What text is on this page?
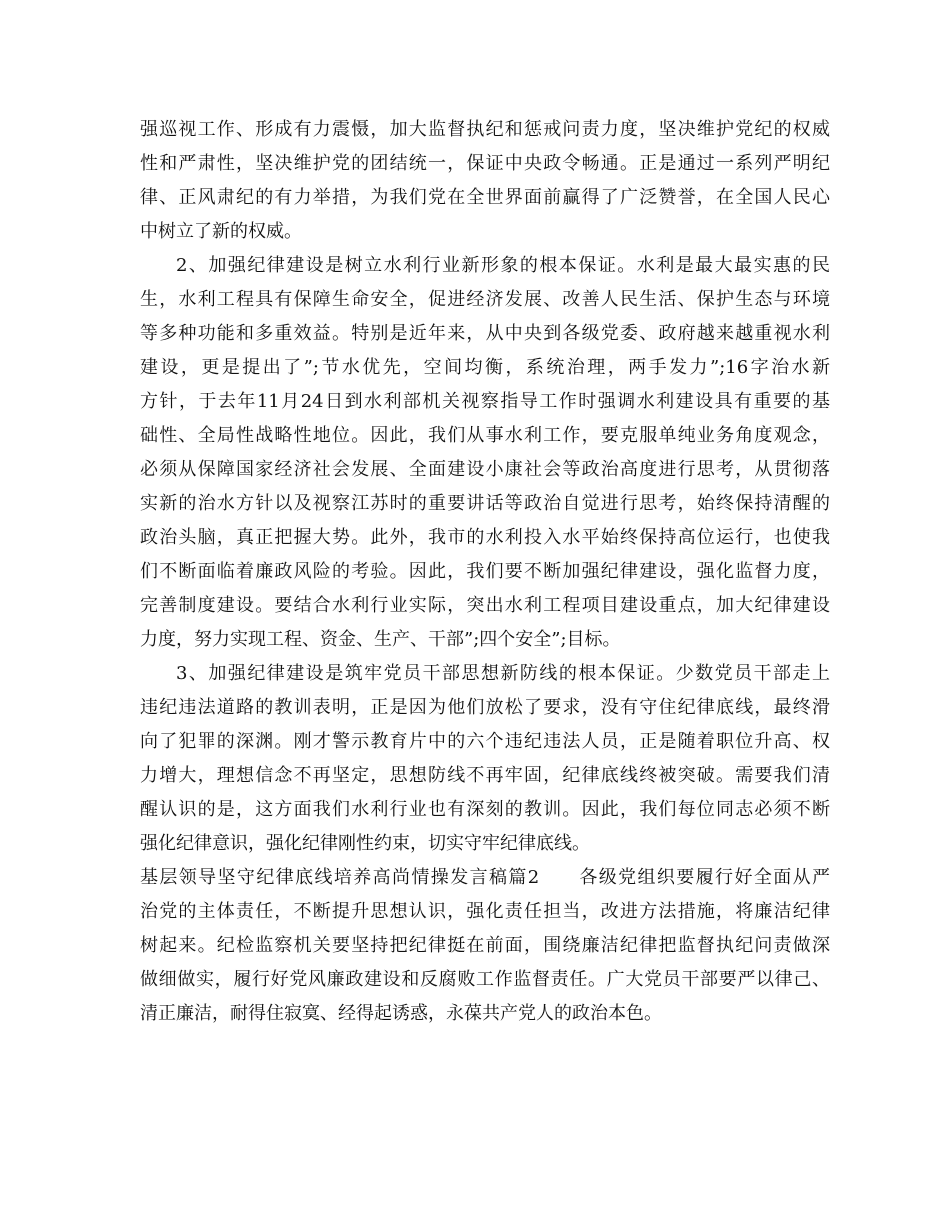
强巡视工作、形成有力震慑，加大监督执纪和惩戒问责力度，坚决维护党纪的权威
性和严肃性，坚决维护党的团结统一，保证中央政令畅通。正是通过一系列严明纪
律、正风肃纪的有力举措，为我们党在全世界面前赢得了广泛赞誉，在全国人民心
中树立了新的权威。
2、加强纪律建设是树立水利行业新形象的根本保证。水利是最大最实惠的民
生，水利工程具有保障生命安全，促进经济发展、改善人民生活、保护生态与环境
等多种功能和多重效益。特别是近年来，从中央到各级党委、政府越来越重视水利
建设，更是提出了”;节水优先，空间均衡，系统治理，两手发力”;16字治水新
方针，于去年11月24日到水利部机关视察指导工作时强调水利建设具有重要的基
础性、全局性战略性地位。因此，我们从事水利工作，要克服单纯业务角度观念，
必须从保障国家经济社会发展、全面建设小康社会等政治高度进行思考，从贯彻落
实新的治水方针以及视察江苏时的重要讲话等政治自觉进行思考，始终保持清醒的
政治头脑，真正把握大势。此外，我市的水利投入水平始终保持高位运行，也使我
们不断面临着廉政风险的考验。因此，我们要不断加强纪律建设，强化监督力度，
完善制度建设。要结合水利行业实际，突出水利工程项目建设重点，加大纪律建设
力度，努力实现工程、资金、生产、干部”;四个安全”;目标。
3、加强纪律建设是筑牢党员干部思想新防线的根本保证。少数党员干部走上
违纪违法道路的教训表明，正是因为他们放松了要求，没有守住纪律底线，最终滑
向了犯罪的深渊。刚才警示教育片中的六个违纪违法人员，正是随着职位升高、权
力增大，理想信念不再坚定，思想防线不再牢固，纪律底线终被突破。需要我们清
醒认识的是，这方面我们水利行业也有深刻的教训。因此，我们每位同志必须不断
强化纪律意识，强化纪律刚性约束，切实守牢纪律底线。
基层领导坚守纪律底线培养高尚情操发言稿篇2　　各级党组织要履行好全面从严
治党的主体责任，不断提升思想认识，强化责任担当，改进方法措施，将廉洁纪律
树起来。纪检监察机关要坚持把纪律挺在前面，围绕廉洁纪律把监督执纪问责做深
做细做实，履行好党风廉政建设和反腐败工作监督责任。广大党员干部要严以律己、
清正廉洁，耐得住寂寞、经得起诱惑，永葆共产党人的政治本色。
